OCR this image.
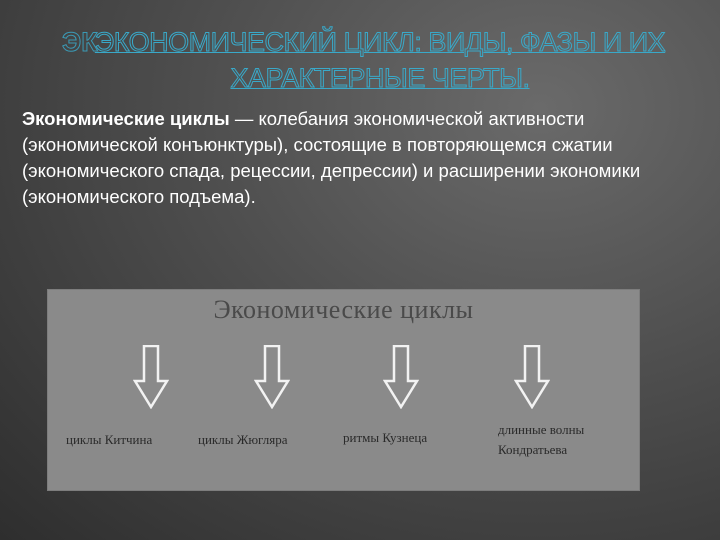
ЭК
ЭКОНОМИЧЕСКИЙ ЦИКЛ: ВИДЫ, ФАЗЫ И ИХ ХАРАКТЕРНЫЕ ЧЕРТЫ.

Экономические циклы — колебания экономической активности (экономической конъюнктуры), состоящие в повторяющемся сжатии (экономического спада, рецессии, депрессии) и расширении экономики (экономического подъема).

Экономические циклы

циклы Китчина	циклы Жюгляра	ритмы Кузнеца

длинные волны

Кондратьева
